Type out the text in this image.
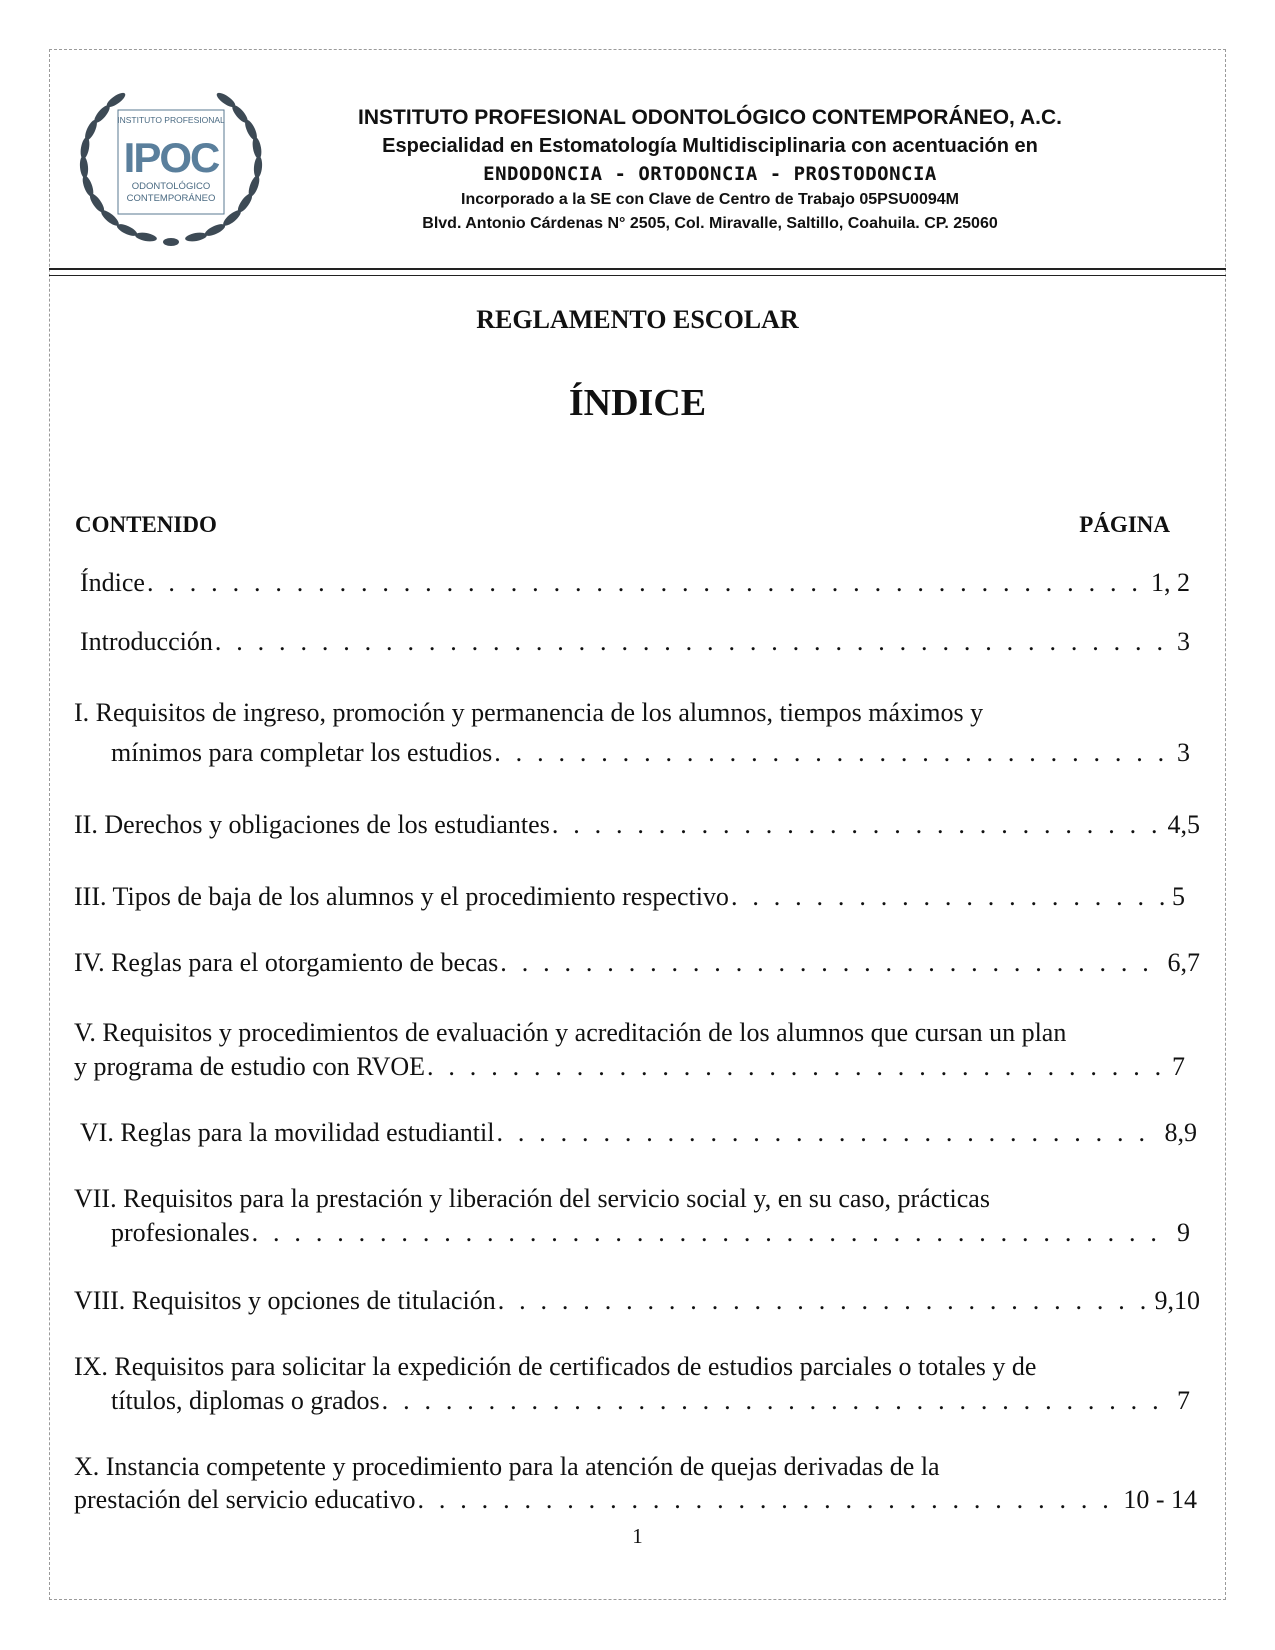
INSTITUTO PROFESIONAL
IPOC
ODONTOLÓGICO
CONTEMPORÁNEO
INSTITUTO PROFESIONAL ODONTOLÓGICO CONTEMPORÁNEO, A.C.
Especialidad en Estomatología Multidisciplinaria con acentuación en
ENDODONCIA - ORTODONCIA - PROSTODONCIA
Incorporado a la SE con Clave de Centro de Trabajo 05PSU0094M
Blvd. Antonio Cárdenas N° 2505, Col. Miravalle, Saltillo, Coahuila. CP. 25060
REGLAMENTO ESCOLAR
ÍNDICE
CONTENIDO	PÁGINA
Índice . . .	1, 2
Introducción . . .	3
I. Requisitos de ingreso, promoción y permanencia de los alumnos, tiempos máximos y
mínimos para completar los estudios . . .	3
II. Derechos y obligaciones de los estudiantes . . .	4,5
III. Tipos de baja de los alumnos y el procedimiento respectivo . . .	5
IV. Reglas para el otorgamiento de becas . . .	6,7
V. Requisitos y procedimientos de evaluación y acreditación de los alumnos que cursan un plan
y programa de estudio con RVOE . . .	7
VI. Reglas para la movilidad estudiantil . . .	8,9
VII. Requisitos para la prestación y liberación del servicio social y, en su caso, prácticas
profesionales . . .	9
VIII. Requisitos y opciones de titulación . . .	9,10
IX. Requisitos para solicitar la expedición de certificados de estudios parciales o totales y de
títulos, diplomas o grados . . .	7
X. Instancia competente y procedimiento para la atención de quejas derivadas de la
prestación del servicio educativo . . .	10 - 14
1
